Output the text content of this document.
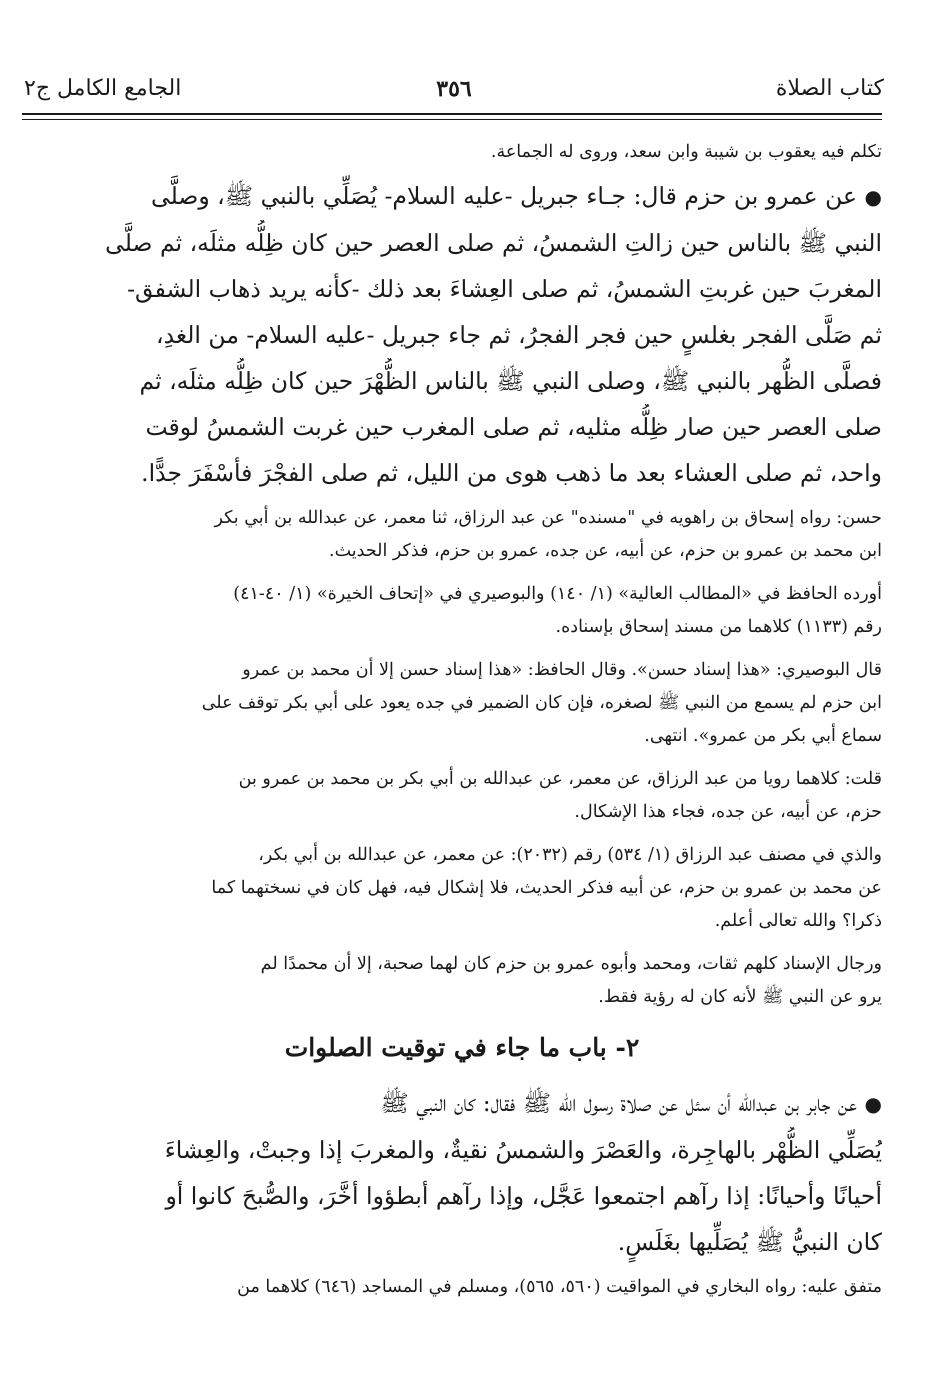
كتاب الصلاة
٣٥٦
الجامع الكامل ج٢
تكلم فيه يعقوب بن شيبة وابن سعد، وروى له الجماعة.
● عن عمرو بن حزم قال: جـاء جبريل -عليه السلام- يُصَلِّي بالنبي ﷺ، وصلَّى
النبي ﷺ بالناس حين زالتِ الشمسُ، ثم صلى العصر حين كان ظِلُّه مثلَه، ثم صلَّى
المغربَ حين غربتِ الشمسُ، ثم صلى العِشاءَ بعد ذلك -كأنه يريد ذهاب الشفق-
ثم صَلَّى الفجر بغلسٍ حين فجر الفجرُ، ثم جاء جبريل -عليه السلام- من الغدِ،
فصلَّى الظُّهر بالنبي ﷺ، وصلى النبي ﷺ بالناس الظُّهْرَ حين كان ظِلُّه مثلَه، ثم
صلى العصر حين صار ظِلُّه مثليه، ثم صلى المغرب حين غربت الشمسُ لوقت
واحد، ثم صلى العشاء بعد ما ذهب هوى من الليل، ثم صلى الفجْرَ فأسْفَرَ جدًّا.
حسن: رواه إسحاق بن راهويه في "مسنده" عن عبد الرزاق، ثنا معمر، عن عبدالله بن أبي بكر
ابن محمد بن عمرو بن حزم، عن أبيه، عن جده، عمرو بن حزم، فذكر الحديث.
أورده الحافظ في «المطالب العالية» (١/ ١٤٠) والبوصيري في «إتحاف الخيرة» (١/ ٤٠-٤١)
رقم (١١٣٣) كلاهما من مسند إسحاق بإسناده.
قال البوصيري: «هذا إسناد حسن». وقال الحافظ: «هذا إسناد حسن إلا أن محمد بن عمرو
ابن حزم لم يسمع من النبي ﷺ لصغره، فإن كان الضمير في جده يعود على أبي بكر توقف على
سماع أبي بكر من عمرو». انتهى.
قلت: كلاهما رويا من عبد الرزاق، عن معمر، عن عبدالله بن أبي بكر بن محمد بن عمرو بن
حزم، عن أبيه، عن جده، فجاء هذا الإشكال.
والذي في مصنف عبد الرزاق (١/ ٥٣٤) رقم (٢٠٣٢): عن معمر، عن عبدالله بن أبي بكر،
عن محمد بن عمرو بن حزم، عن أبيه فذكر الحديث، فلا إشكال فيه، فهل كان في نسختهما كما
ذكرا؟ والله تعالى أعلم.
ورجال الإسناد كلهم ثقات، ومحمد وأبوه عمرو بن حزم كان لهما صحبة، إلا أن محمدًا لم
يرو عن النبي ﷺ لأنه كان له رؤية فقط.
٢- باب ما جاء في توقيت الصلوات
● عن جابر بن عبدالله أن سئل عن صلاة رسول الله ﷺ فقال: كان النبي ﷺ
يُصَلِّي الظُّهْر بالهاجِرة، والعَصْرَ والشمسُ نقيةٌ، والمغربَ إذا وجبتْ، والعِشاءَ
أحيانًا وأحيانًا: إذا رآهم اجتمعوا عَجَّل، وإذا رآهم أبطؤوا أخَّرَ، والصُّبحَ كانوا أو
كان النبيُّ ﷺ يُصَلِّيها بغَلَسٍ.
متفق عليه: رواه البخاري في المواقيت (٥٦٠، ٥٦٥)، ومسلم في المساجد (٦٤٦) كلاهما من
